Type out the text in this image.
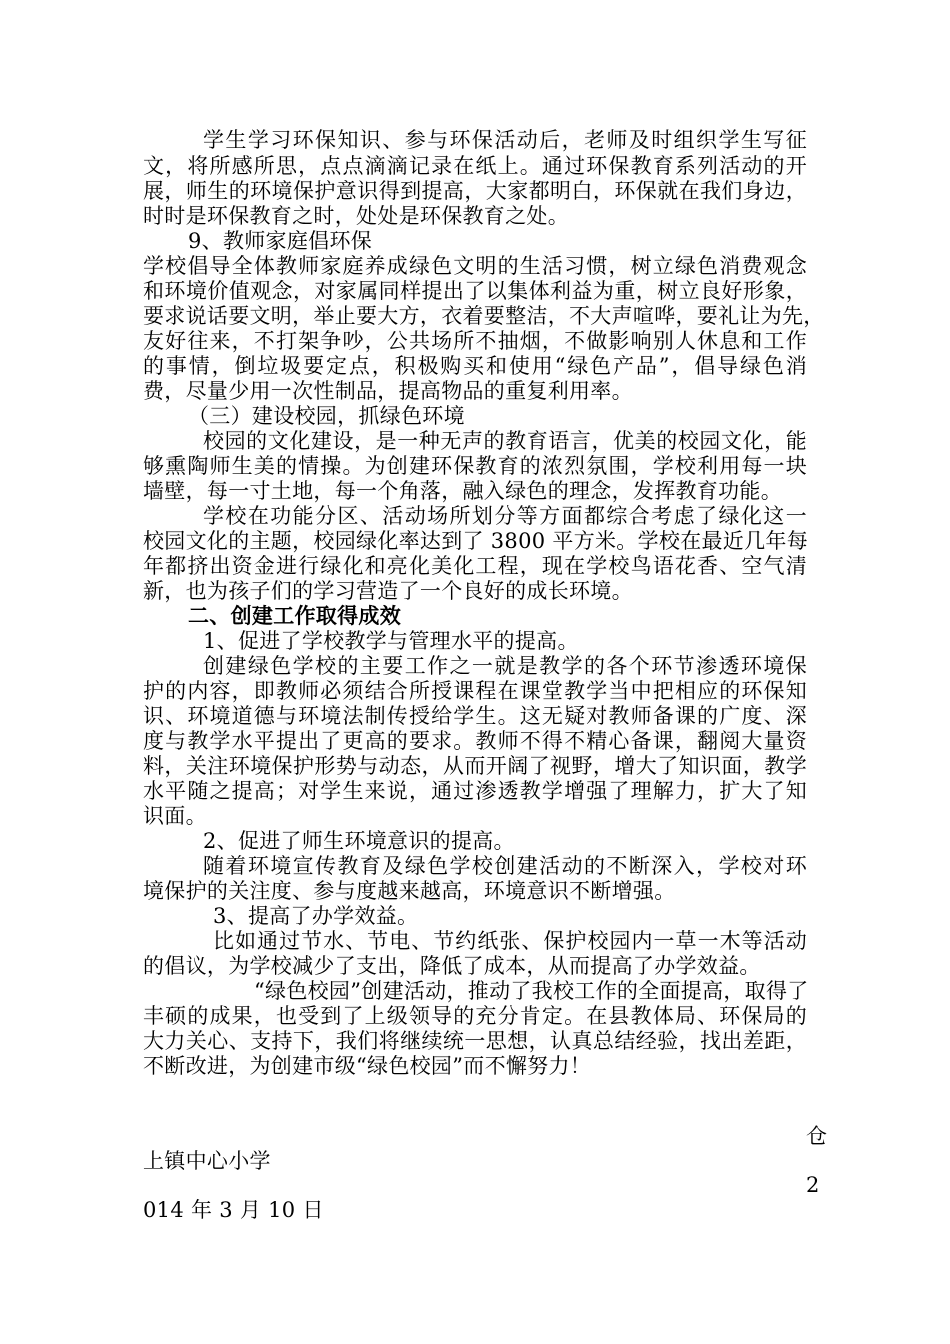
学生学习环保知识、参与环保活动后，老师及时组织学生写征
文，将所感所思，点点滴滴记录在纸上。通过环保教育系列活动的开
展，师生的环境保护意识得到提高，大家都明白，环保就在我们身边，
时时是环保教育之时，处处是环保教育之处。
9、教师家庭倡环保
学校倡导全体教师家庭养成绿色文明的生活习惯，树立绿色消费观念
和环境价值观念，对家属同样提出了以集体利益为重，树立良好形象，
要求说话要文明，举止要大方，衣着要整洁，不大声喧哗，要礼让为先，
友好往来，不打架争吵，公共场所不抽烟，不做影响别人休息和工作
的事情，倒垃圾要定点，积极购买和使用“绿色产品”，倡导绿色消
费，尽量少用一次性制品，提高物品的重复利用率。
（三）建设校园，抓绿色环境
校园的文化建设，是一种无声的教育语言，优美的校园文化，能
够熏陶师生美的情操。为创建环保教育的浓烈氛围，学校利用每一块
墙壁，每一寸土地，每一个角落，融入绿色的理念，发挥教育功能。
学校在功能分区、活动场所划分等方面都综合考虑了绿化这一
校园文化的主题，校园绿化率达到了 3800 平方米。学校在最近几年每
年都挤出资金进行绿化和亮化美化工程，现在学校鸟语花香、空气清
新，也为孩子们的学习营造了一个良好的成长环境。
二、创建工作取得成效
1、促进了学校教学与管理水平的提高。
创建绿色学校的主要工作之一就是教学的各个环节渗透环境保
护的内容，即教师必须结合所授课程在课堂教学当中把相应的环保知
识、环境道德与环境法制传授给学生。这无疑对教师备课的广度、深
度与教学水平提出了更高的要求。教师不得不精心备课，翻阅大量资
料，关注环境保护形势与动态，从而开阔了视野，增大了知识面，教学
水平随之提高；对学生来说，通过渗透教学增强了理解力，扩大了知
识面。
2、促进了师生环境意识的提高。
随着环境宣传教育及绿色学校创建活动的不断深入，学校对环
境保护的关注度、参与度越来越高，环境意识不断增强。
3、提高了办学效益。
比如通过节水、节电、节约纸张、保护校园内一草一木等活动
的倡议，为学校减少了支出，降低了成本，从而提高了办学效益。
“绿色校园”创建活动，推动了我校工作的全面提高，取得了
丰硕的成果，也受到了上级领导的充分肯定。在县教体局、环保局的
大力关心、支持下，我们将继续统一思想，认真总结经验，找出差距，
不断改进，为创建市级“绿色校园”而不懈努力！
仓
上镇中心小学
2
014 年 3 月 10 日
